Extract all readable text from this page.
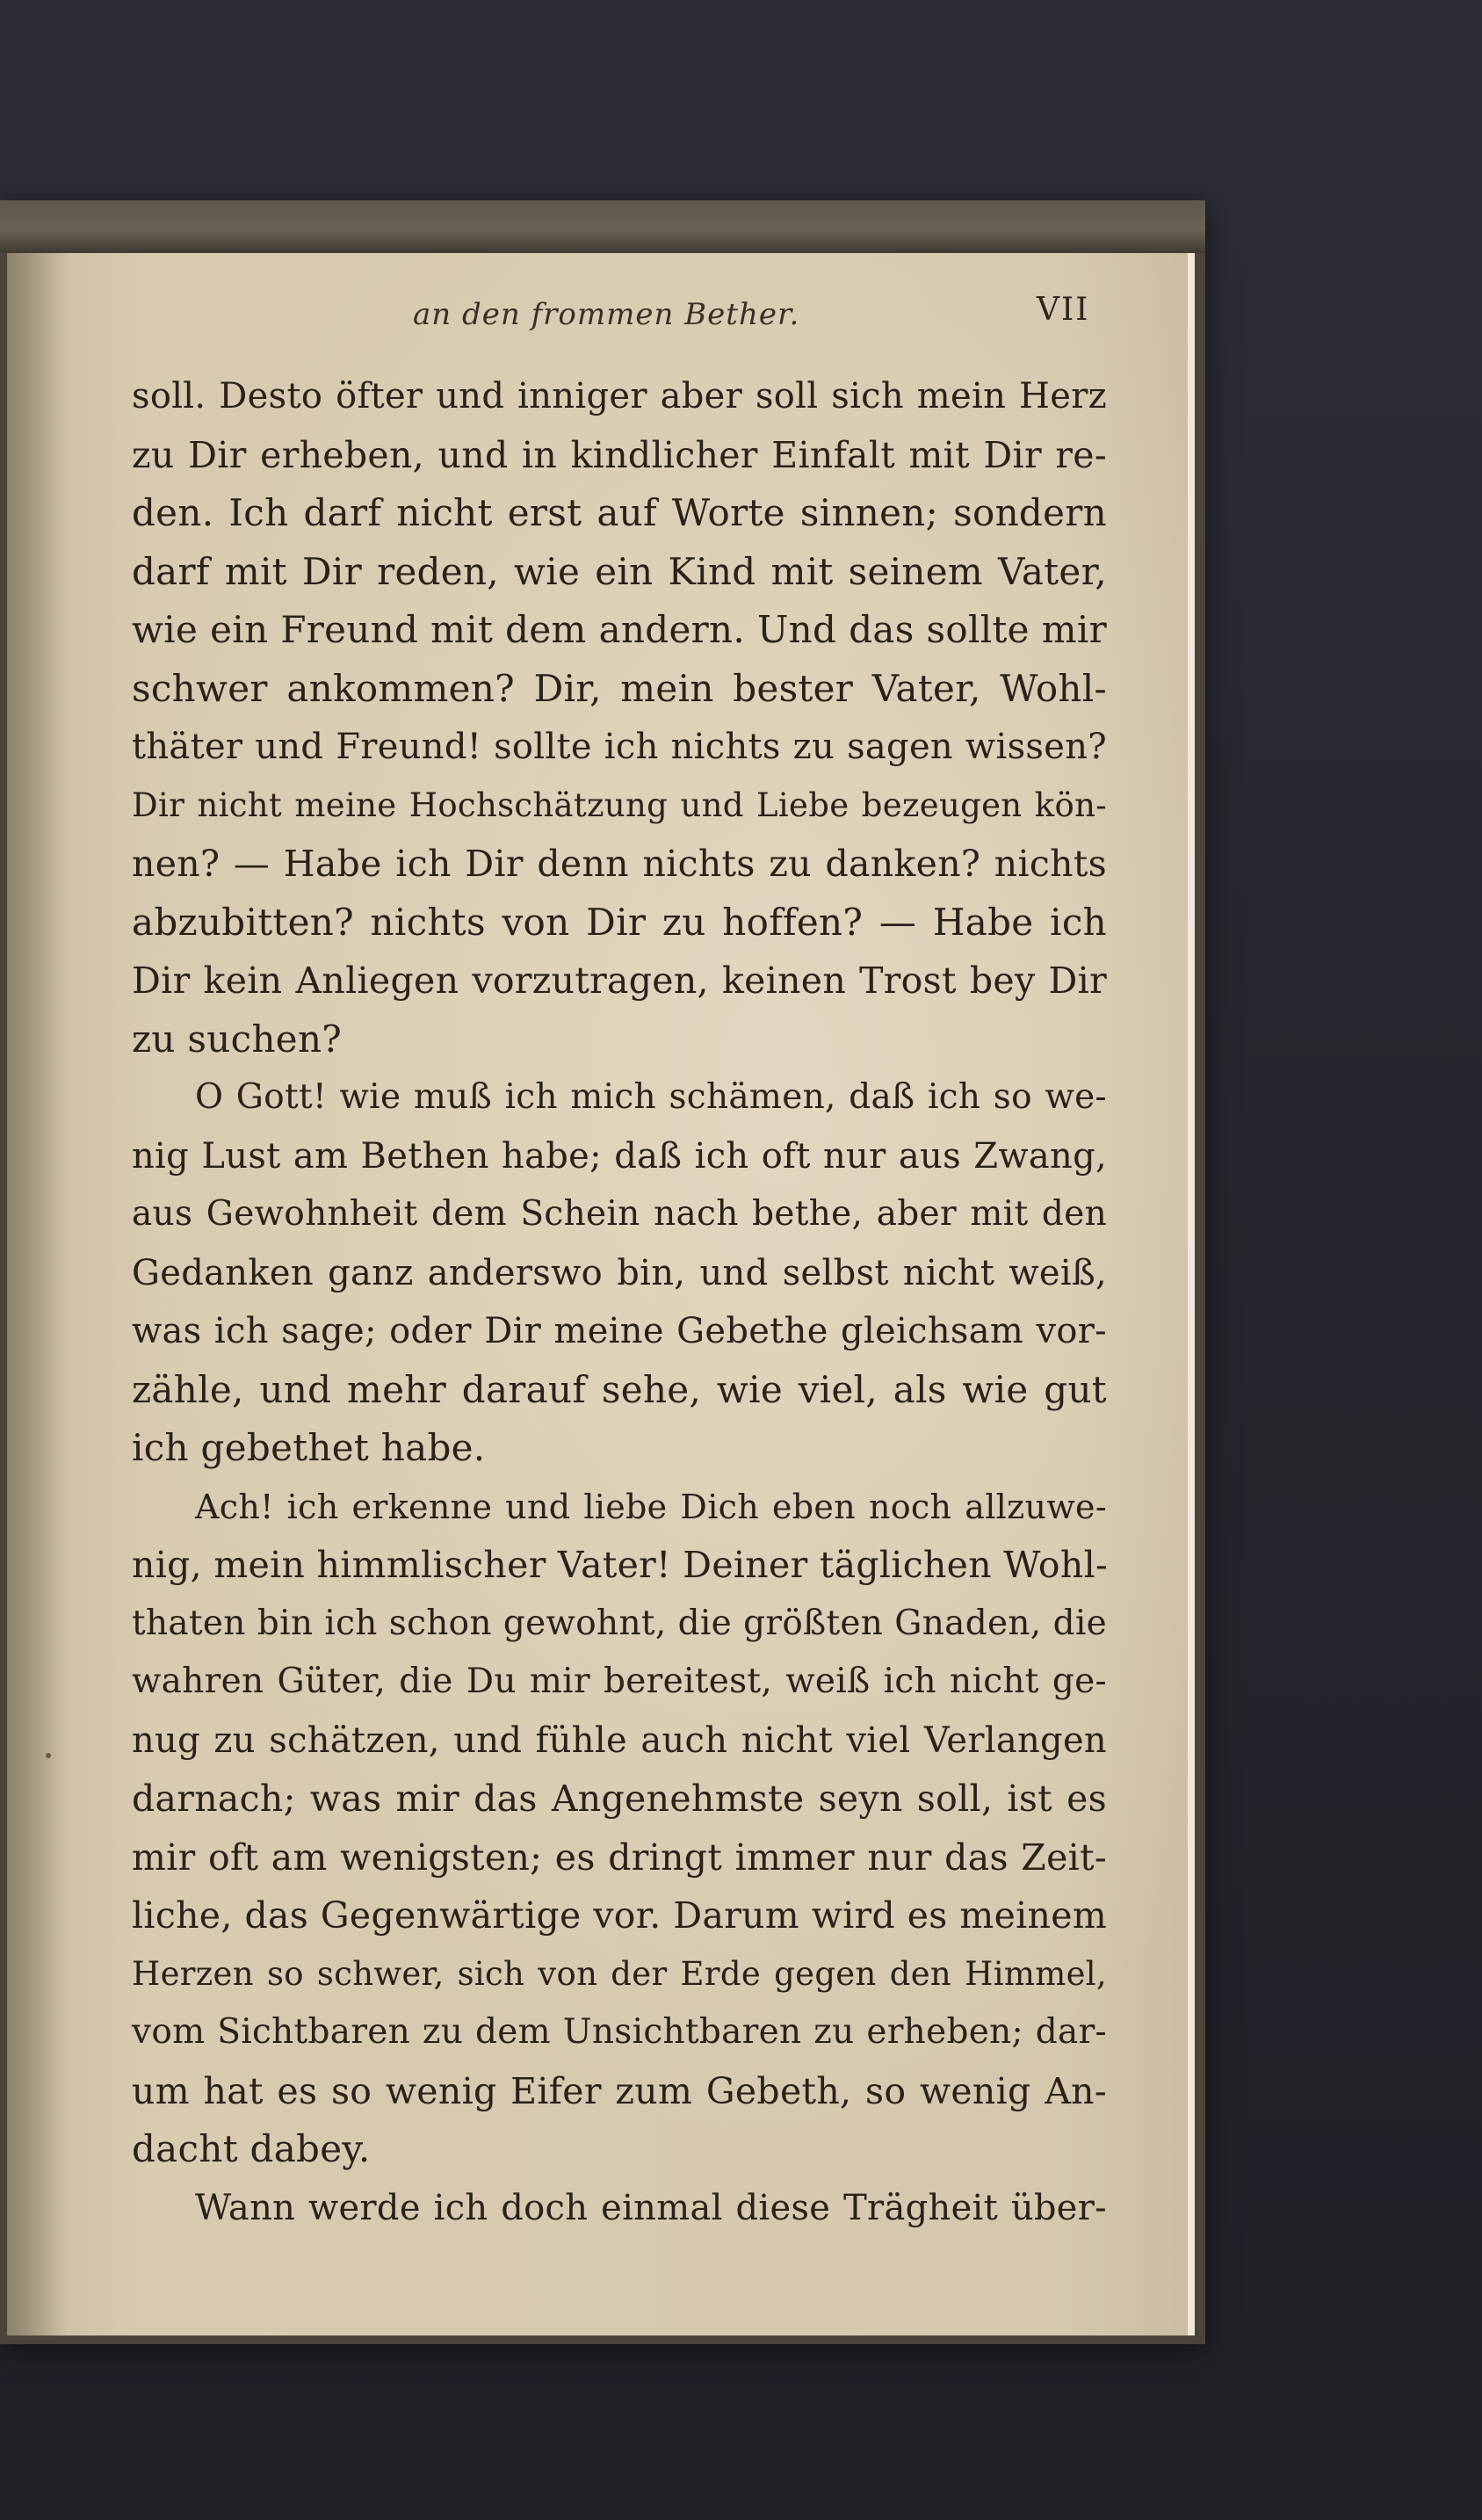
an den frommen Bether.	VII
soll. Desto öfter und inniger aber soll sich mein Herz
zu Dir erheben, und in kindlicher Einfalt mit Dir re-
den. Ich darf nicht erst auf Worte sinnen; sondern
darf mit Dir reden, wie ein Kind mit seinem Vater,
wie ein Freund mit dem andern. Und das sollte mir
schwer ankommen? Dir, mein bester Vater, Wohl-
thäter und Freund! sollte ich nichts zu sagen wissen?
Dir nicht meine Hochschätzung und Liebe bezeugen kön-
nen? — Habe ich Dir denn nichts zu danken? nichts
abzubitten? nichts von Dir zu hoffen? — Habe ich
Dir kein Anliegen vorzutragen, keinen Trost bey Dir
zu suchen?
O Gott! wie muß ich mich schämen, daß ich so we-
nig Lust am Bethen habe; daß ich oft nur aus Zwang,
aus Gewohnheit dem Schein nach bethe, aber mit den
Gedanken ganz anderswo bin, und selbst nicht weiß,
was ich sage; oder Dir meine Gebethe gleichsam vor-
zähle, und mehr darauf sehe, wie viel, als wie gut
ich gebethet habe.
Ach! ich erkenne und liebe Dich eben noch allzuwe-
nig, mein himmlischer Vater! Deiner täglichen Wohl-
thaten bin ich schon gewohnt, die größten Gnaden, die
wahren Güter, die Du mir bereitest, weiß ich nicht ge-
nug zu schätzen, und fühle auch nicht viel Verlangen
darnach; was mir das Angenehmste seyn soll, ist es
mir oft am wenigsten; es dringt immer nur das Zeit-
liche, das Gegenwärtige vor. Darum wird es meinem
Herzen so schwer, sich von der Erde gegen den Himmel,
vom Sichtbaren zu dem Unsichtbaren zu erheben; dar-
um hat es so wenig Eifer zum Gebeth, so wenig An-
dacht dabey.
Wann werde ich doch einmal diese Trägheit über-
